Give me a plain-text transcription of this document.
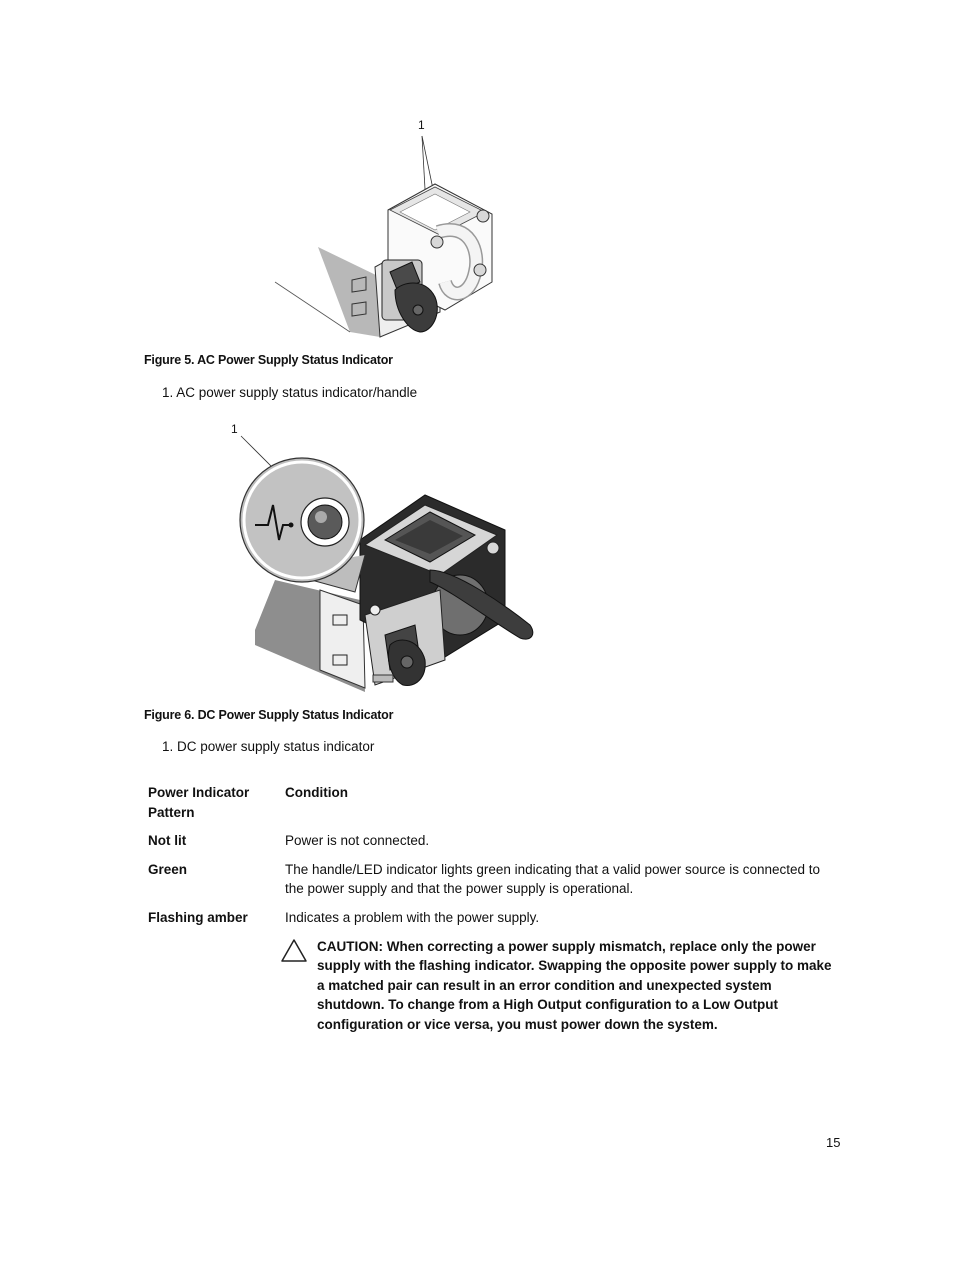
1
Figure 5. AC Power Supply Status Indicator
1. AC power supply status indicator/handle
1
Figure 6. DC Power Supply Status Indicator
1. DC power supply status indicator
Power Indicator Pattern	Condition
Not lit	Power is not connected.
Green	The handle/LED indicator lights green indicating that a valid power source is connected to the power supply and that the power supply is operational.
Flashing amber	Indicates a problem with the power supply.
CAUTION: When correcting a power supply mismatch, replace only the power supply with the flashing indicator. Swapping the opposite power supply to make a matched pair can result in an error condition and unexpected system shutdown. To change from a High Output configuration to a Low Output configuration or vice versa, you must power down the system.
15
